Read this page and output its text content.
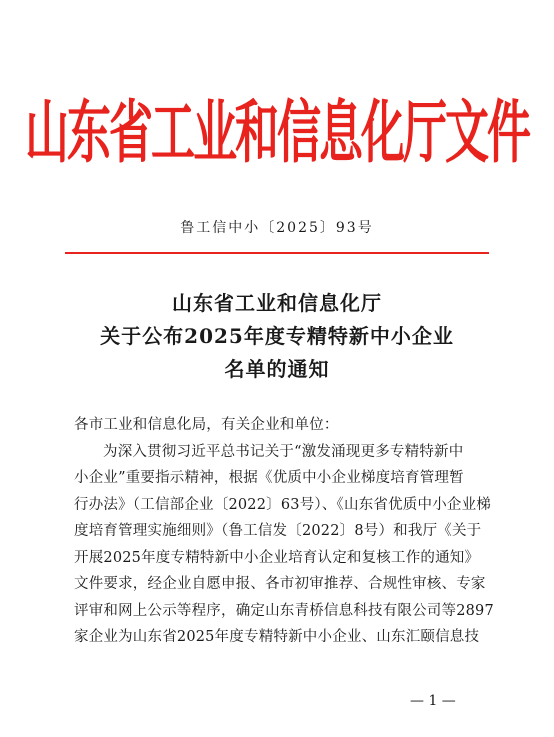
山东省工业和信息化厅文件
鲁工信中小〔2025〕93号
山东省工业和信息化厅
关于公布2025年度专精特新中小企业
名单的通知
各市工业和信息化局，有关企业和单位：
为深入贯彻习近平总书记关于“激发涌现更多专精特新中
小企业”重要指示精神，根据《优质中小企业梯度培育管理暂
行办法》（工信部企业〔2022〕63号）、《山东省优质中小企业梯
度培育管理实施细则》（鲁工信发〔2022〕8号）和我厅《关于
开展2025年度专精特新中小企业培育认定和复核工作的通知》
文件要求，经企业自愿申报、各市初审推荐、合规性审核、专家
评审和网上公示等程序，确定山东青桥信息科技有限公司等2897
家企业为山东省2025年度专精特新中小企业、山东汇颐信息技
— 1 —
